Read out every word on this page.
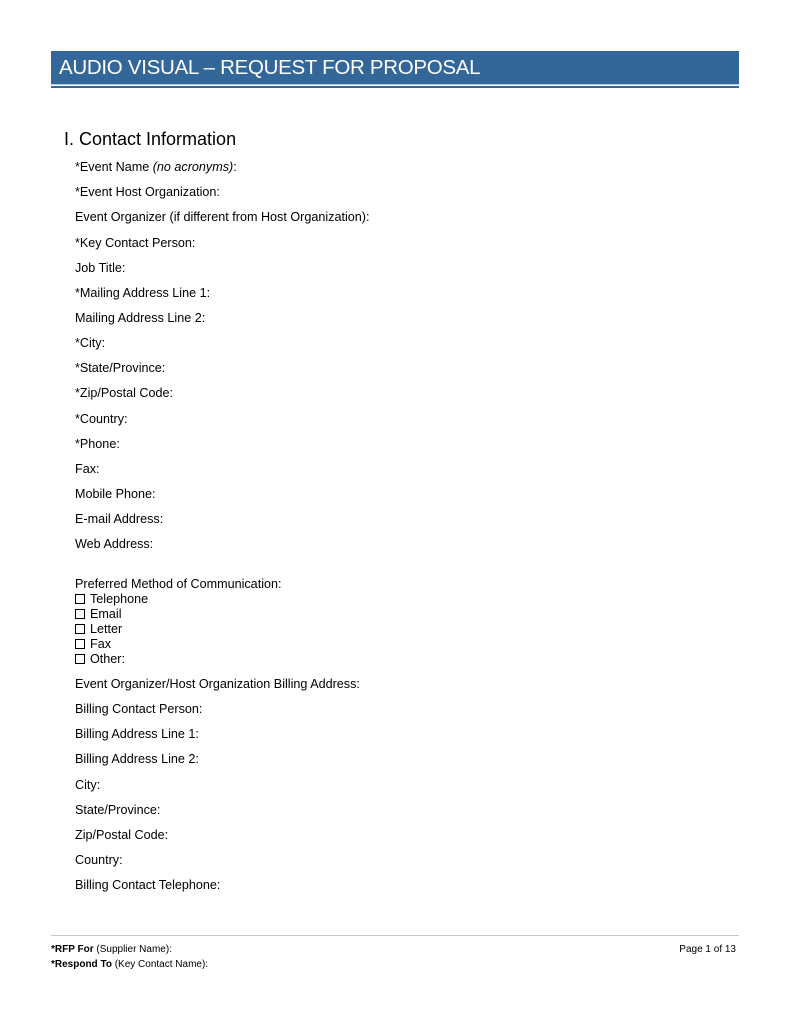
AUDIO VISUAL – REQUEST FOR PROPOSAL
I. Contact Information
*Event Name (no acronyms):
*Event Host Organization:
Event Organizer (if different from Host Organization):
*Key Contact Person:
Job Title:
*Mailing Address Line 1:
Mailing Address Line 2:
*City:
*State/Province:
*Zip/Postal Code:
*Country:
*Phone:
Fax:
Mobile Phone:
E-mail Address:
Web Address:
Preferred Method of Communication:
Telephone
Email
Letter
Fax
Other:
Event Organizer/Host Organization Billing Address:
Billing Contact Person:
Billing Address Line 1:
Billing Address Line 2:
City:
State/Province:
Zip/Postal Code:
Country:
Billing Contact Telephone:
*RFP For (Supplier Name):
*Respond To (Key Contact Name):
Page 1 of 13
